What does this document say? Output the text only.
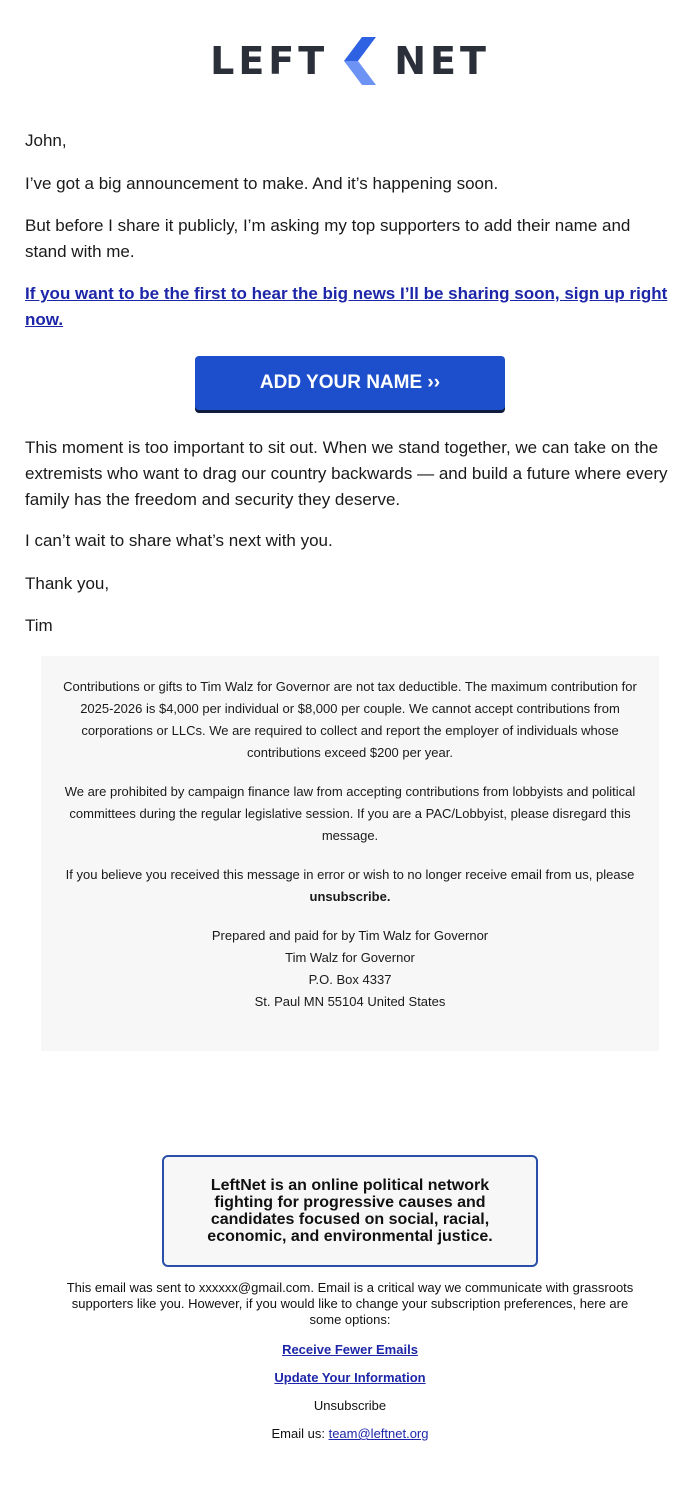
LEFT NET

John,

I’ve got a big announcement to make. And it’s happening soon.

But before I share it publicly, I’m asking my top supporters to add their name and stand with me.

If you want to be the first to hear the big news I’ll be sharing soon, sign up right now.

ADD YOUR NAME ››

This moment is too important to sit out. When we stand together, we can take on the extremists who want to drag our country backwards — and build a future where every family has the freedom and security they deserve.

I can’t wait to share what’s next with you.

Thank you,

Tim

Contributions or gifts to Tim Walz for Governor are not tax deductible. The maximum contribution for 2025-2026 is $4,000 per individual or $8,000 per couple. We cannot accept contributions from corporations or LLCs. We are required to collect and report the employer of individuals whose contributions exceed $200 per year.

We are prohibited by campaign finance law from accepting contributions from lobbyists and political committees during the regular legislative session. If you are a PAC/Lobbyist, please disregard this message.

If you believe you received this message in error or wish to no longer receive email from us, please unsubscribe.

Prepared and paid for by Tim Walz for Governor

Tim Walz for Governor

P.O. Box 4337

St. Paul MN 55104 United States

LeftNet is an online political network fighting for progressive causes and candidates focused on social, racial, economic, and environmental justice.

This email was sent to xxxxxx@gmail.com. Email is a critical way we communicate with grassroots supporters like you. However, if you would like to change your subscription preferences, here are some options:

Receive Fewer Emails

Update Your Information

Unsubscribe

Email us: team@leftnet.org
